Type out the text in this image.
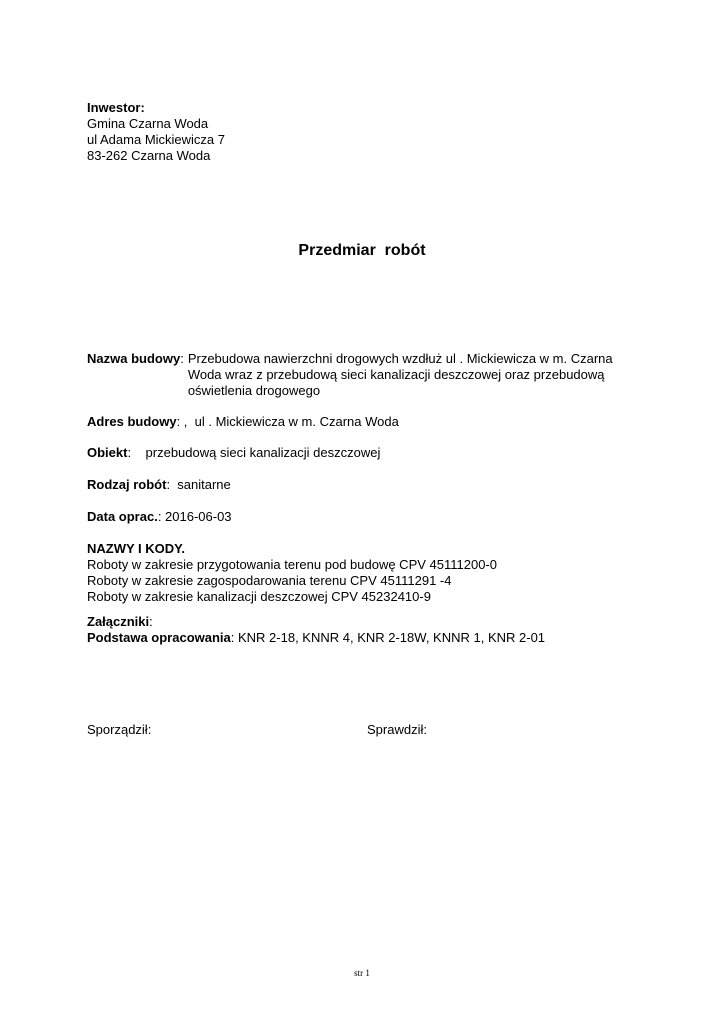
Inwestor:
Gmina Czarna Woda
ul Adama Mickiewicza 7
83-262 Czarna Woda
Przedmiar  robót
Nazwa budowy: Przebudowa nawierzchni drogowych wzdłuż ul . Mickiewicza w m. Czarna
Woda wraz z przebudową sieci kanalizacji deszczowej oraz przebudową
oświetlenia drogowego
Adres budowy: ,  ul . Mickiewicza w m. Czarna Woda
Obiekt:    przebudową sieci kanalizacji deszczowej
Rodzaj robót:  sanitarne
Data oprac.: 2016-06-03
NAZWY I KODY.
Roboty w zakresie przygotowania terenu pod budowę CPV 45111200-0
Roboty w zakresie zagospodarowania terenu CPV 45111291 -4
Roboty w zakresie kanalizacji deszczowej CPV 45232410-9
Załączniki:
Podstawa opracowania: KNR 2-18, KNNR 4, KNR 2-18W, KNNR 1, KNR 2-01
Sporządził:	Sprawdził:
str 1
